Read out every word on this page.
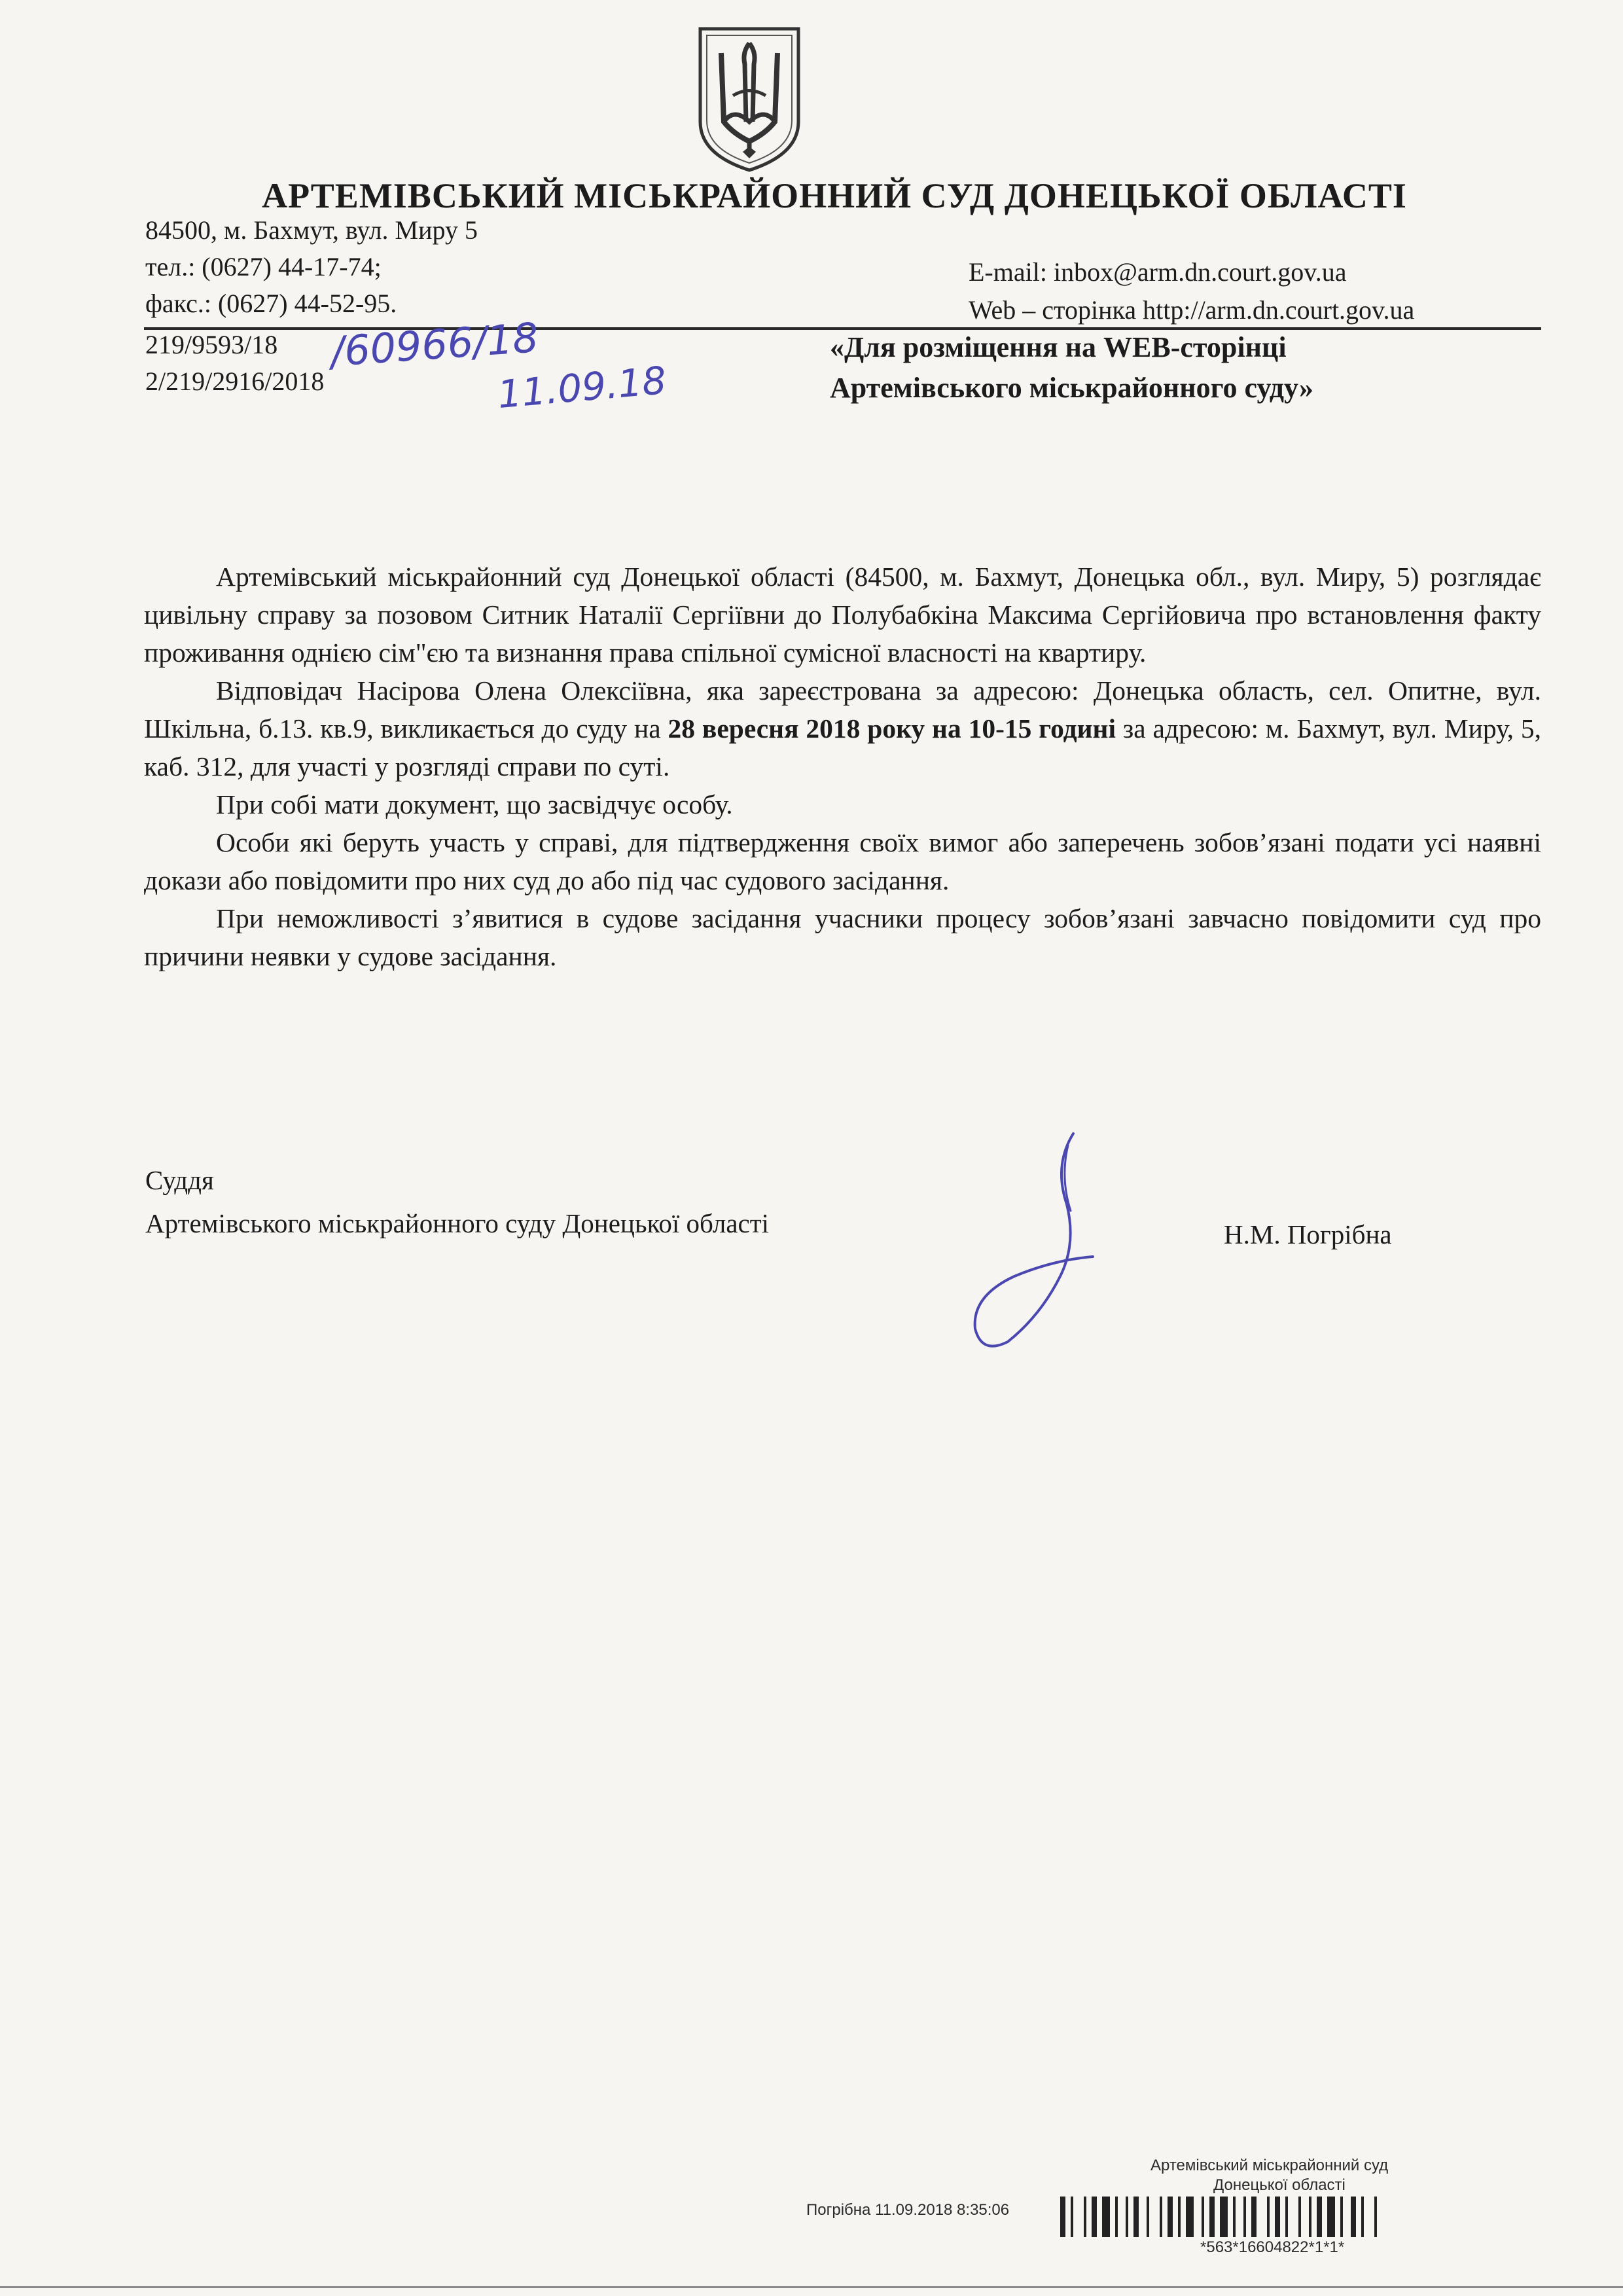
АРТЕМІВСЬКИЙ МІСЬКРАЙОННИЙ СУД ДОНЕЦЬКОЇ ОБЛАСТІ
84500, м. Бахмут, вул. Миру 5
тел.: (0627) 44-17-74;
факс.: (0627) 44-52-95.
E-mail: inbox@arm.dn.court.gov.ua
Web – сторінка http://arm.dn.court.gov.ua
219/9593/18
2/219/2916/2018
/60966/18
11.09.18
«Для розміщення на WEB-сторінці
Артемівського міськрайонного суду»

Артемівський міськрайонний суд Донецької області (84500, м. Бахмут, Донецька обл., вул. Миру, 5) розглядає цивільну справу за позовом Ситник Наталії Сергіївни до Полубабкіна Максима Сергійовича про встановлення факту проживання однією сім"єю та визнання права спільної сумісної власності на квартиру.

Відповідач Насірова Олена Олексіївна, яка зареєстрована за адресою: Донецька область, сел. Опитне, вул. Шкільна, б.13. кв.9, викликається до суду на 28 вересня 2018 року на 10-15 годині за адресою: м. Бахмут, вул. Миру, 5, каб. 312, для участі у розгляді справи по суті.

При собі мати документ, що засвідчує особу.

Особи які беруть участь у справі, для підтвердження своїх вимог або заперечень зобов’язані подати усі наявні докази або повідомити про них суд до або під час судового засідання.

При неможливості з’явитися в судове засідання учасники процесу зобов’язані завчасно повідомити суд про причини неявки у судове засідання.

Суддя
Артемівського міськрайонного суду Донецької області	Н.М. Погрібна
Артемівський міськрайонний суд
Донецької області
Погрібна 11.09.2018 8:35:06
*563*16604822*1*1*
